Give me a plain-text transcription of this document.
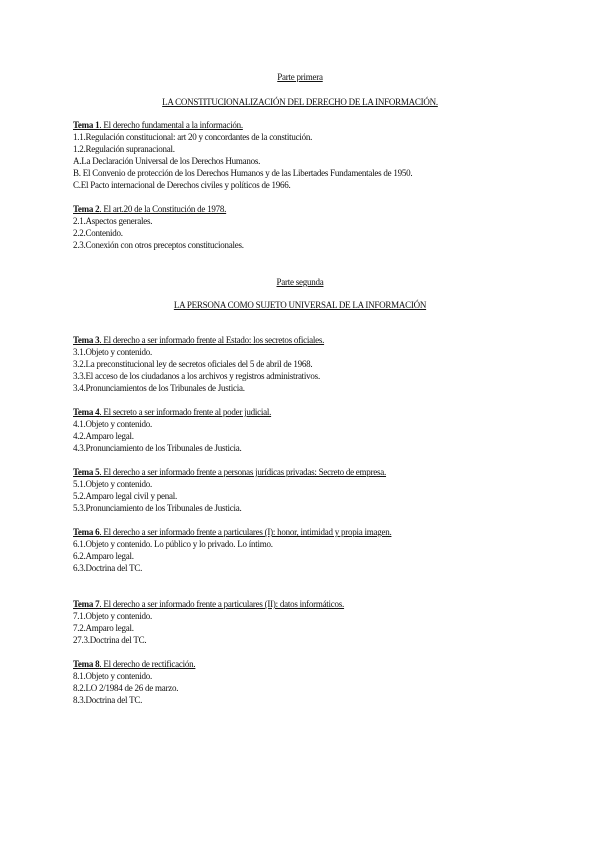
Parte primera
LA CONSTITUCIONALIZACIÓN DEL DERECHO DE LA INFORMACIÓN.
Tema 1. El derecho fundamental a la información.
1.1.Regulación constitucional: art 20 y concordantes de la constitución.
1.2.Regulación supranacional.
A.La Declaración Universal de los Derechos Humanos.
B. El Convenio de protección de los Derechos Humanos y de las Libertades Fundamentales de 1950.
C.El Pacto internacional de Derechos civiles y políticos de 1966.
Tema 2. El art.20 de la Constitución de 1978.
2.1.Aspectos generales.
2.2.Contenido.
2.3.Conexión con otros preceptos constitucionales.
Parte segunda
LA PERSONA COMO SUJETO UNIVERSAL DE LA INFORMACIÓN
Tema 3. El derecho a ser informado frente al Estado: los secretos oficiales.
3.1.Objeto y contenido.
3.2.La preconstitucional ley de secretos oficiales del 5 de abril de 1968.
3.3.El acceso de los ciudadanos a los archivos y registros administrativos.
3.4.Pronunciamientos de los Tribunales de Justicia.
Tema 4. El secreto a ser informado frente al poder judicial.
4.1.Objeto y contenido.
4.2.Amparo legal.
4.3.Pronunciamiento de los Tribunales de Justicia.
Tema 5. El derecho a ser informado frente a personas jurídicas privadas: Secreto de empresa.
5.1.Objeto y contenido.
5.2.Amparo legal civil y penal.
5.3.Pronunciamiento de los Tribunales de Justicia.
Tema 6. El derecho a ser informado frente a particulares (I): honor, intimidad y propia imagen.
6.1.Objeto y contenido. Lo público y lo privado. Lo íntimo.
6.2.Amparo legal.
6.3.Doctrina del TC.
Tema 7. El derecho a ser informado frente a particulares (II): datos informáticos.
7.1.Objeto y contenido.
7.2.Amparo legal.
27.3.Doctrina del TC.
Tema 8. El derecho de rectificación.
8.1.Objeto y contenido.
8.2.LO 2/1984 de 26 de marzo.
8.3.Doctrina del TC.
